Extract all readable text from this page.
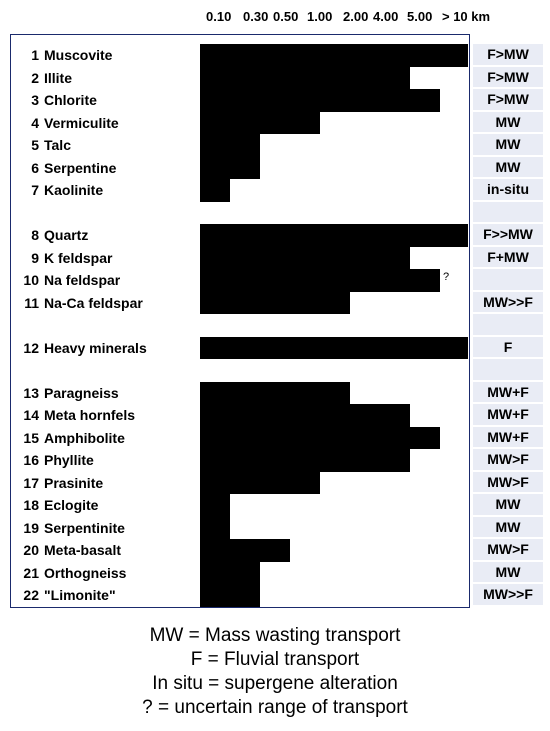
0.10 0.30 0.50 1.00 2.00 4.00 5.00 > 10 km
1 Muscovite
2 Illite
3 Chlorite
4 Vermiculite
5 Talc
6 Serpentine
7 Kaolinite
8 Quartz
9 K feldspar
10 Na feldspar	?
11 Na-Ca feldspar
12 Heavy minerals
13 Paragneiss
14 Meta hornfels
15 Amphibolite
16 Phyllite
17 Prasinite
18 Eclogite
19 Serpentinite
20 Meta-basalt
21 Orthogneiss
22 "Limonite"
F>MW
F>MW
F>MW
MW
MW
MW
in-situ
F>>MW
F+MW
MW>>F
F
MW+F
MW+F
MW+F
MW>F
MW>F
MW
MW
MW>F
MW
MW>>F
MW = Mass wasting transport
F = Fluvial transport
In situ = supergene alteration
? = uncertain range of transport
